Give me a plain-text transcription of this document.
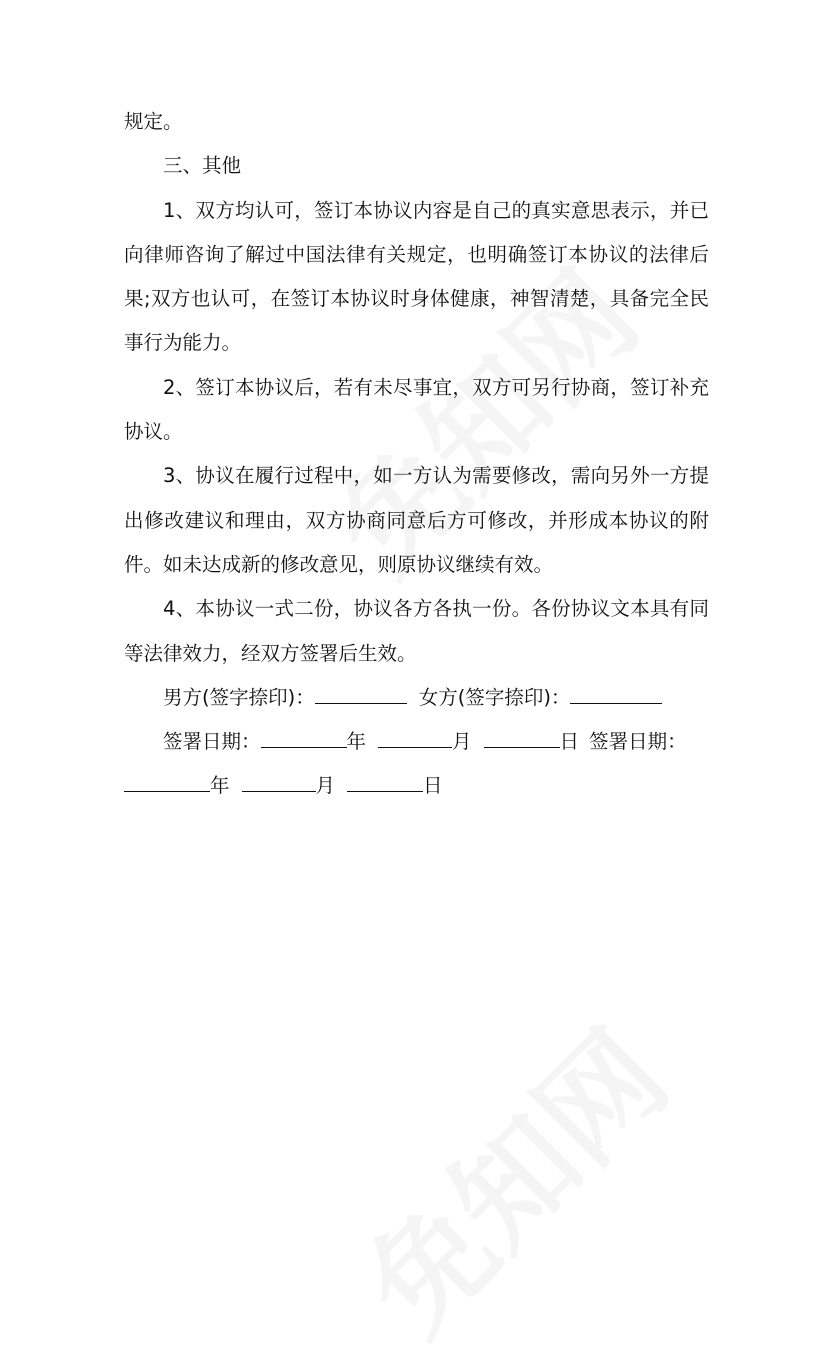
规定。

三、其他

1、双方均认可，签订本协议内容是自己的真实意思表示，并已向律师咨询了解过中国法律有关规定，也明确签订本协议的法律后果;双方也认可，在签订本协议时身体健康，神智清楚，具备完全民事行为能力。

2、签订本协议后，若有未尽事宜，双方可另行协商，签订补充协议。

3、协议在履行过程中，如一方认为需要修改，需向另外一方提出修改建议和理由，双方协商同意后方可修改，并形成本协议的附件。如未达成新的修改意见，则原协议继续有效。

4、本协议一式二份，协议各方各执一份。各份协议文本具有同等法律效力，经双方签署后生效。

男方(签字捺印)：	女方(签字捺印)：
签署日期：	年	月	日 签署日期：
年	月	日
